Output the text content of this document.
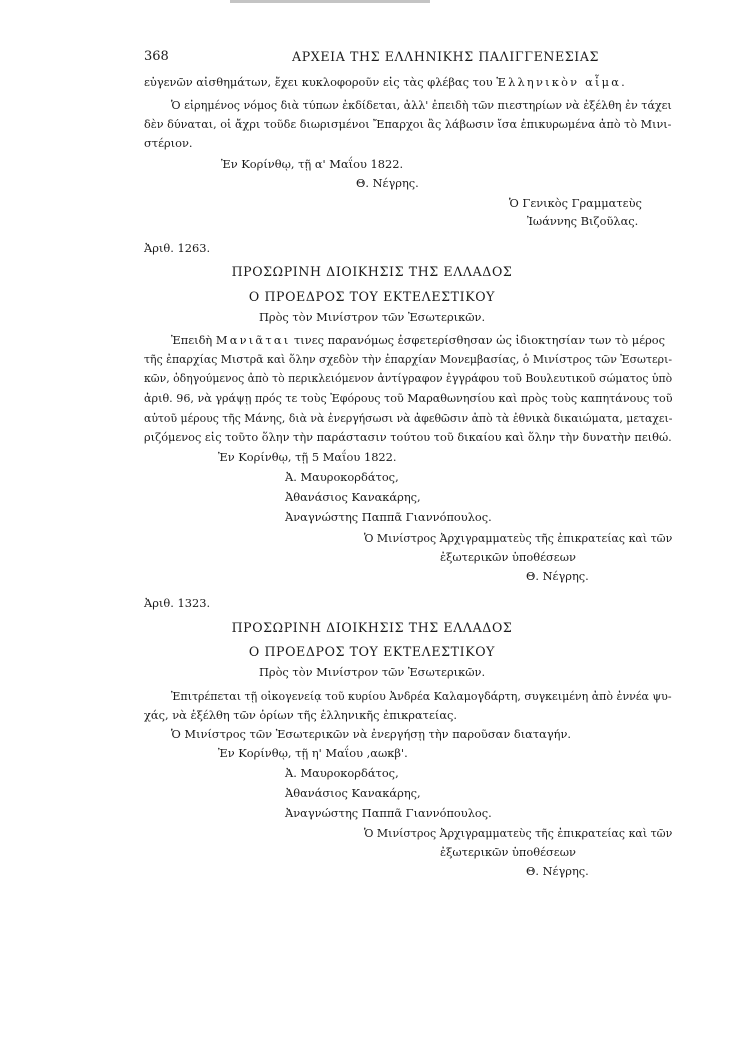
368	ΑΡΧΕΙΑ ΤΗΣ ΕΛΛΗΝΙΚΗΣ ΠΑΛΙΓΓΕΝΕΣΙΑΣ
εὐγενῶν αἰσθημάτων, ἔχει κυκλοφοροῦν εἰς τὰς φλέβας του Ἑλληνικὸν αἷμα.
Ὁ εἰρημένος νόμος διὰ τύπων ἐκδίδεται, ἀλλ' ἐπειδὴ τῶν πιεστηρίων νὰ ἐξέλθη ἐν τάχει
δὲν δύναται, οἱ ἄχρι τοῦδε διωρισμένοι Ἔπαρχοι ἂς λάβωσιν ἴσα ἐπικυρωμένα ἀπὸ τὸ Μινι-
στέριον.
Ἐν Κορίνθῳ, τῇ α' Μαΐου 1822.
Θ. Νέγρης.
Ὁ Γενικὸς Γραμματεὺς
Ἰωάννης Βιζοῦλας.
Ἀριθ. 1263.
ΠΡΟΣΩΡΙΝΗ ΔΙΟΙΚΗΣΙΣ ΤΗΣ ΕΛΛΑΔΟΣ
Ο ΠΡΟΕΔΡΟΣ ΤΟΥ ΕΚΤΕΛΕΣΤΙΚΟΥ
Πρὸς τὸν Μινίστρον τῶν Ἐσωτερικῶν.
Ἐπειδὴ Μανιᾶται τινες παρανόμως ἐσφετερίσθησαν ὡς ἰδιοκτησίαν των τὸ μέρος
τῆς ἐπαρχίας Μιστρᾶ καὶ ὅλην σχεδὸν τὴν ἐπαρχίαν Μονεμβασίας, ὁ Μινίστρος τῶν Ἐσωτερι-
κῶν, ὁδηγούμενος ἀπὸ τὸ περικλειόμενον ἀντίγραφον ἐγγράφου τοῦ Βουλευτικοῦ σώματος ὑπὸ
ἀριθ. 96, νὰ γράψῃ πρός τε τοὺς Ἐφόρους τοῦ Μαραθωνησίου καὶ πρὸς τοὺς καπητάνους τοῦ
αὐτοῦ μέρους τῆς Μάνης, διὰ νὰ ἐνεργήσωσι νὰ ἀφεθῶσιν ἀπὸ τὰ ἐθνικὰ δικαιώματα, μεταχει-
ριζόμενος εἰς τοῦτο ὅλην τὴν παράστασιν τούτου τοῦ δικαίου καὶ ὅλην τὴν δυνατὴν πειθώ.
Ἐν Κορίνθῳ, τῇ 5 Μαΐου 1822.
Ἀ. Μαυροκορδάτος,
Ἀθανάσιος Κανακάρης,
Ἀναγνώστης Παππᾶ Γιαννόπουλος.
Ὁ Μινίστρος Ἀρχιγραμματεὺς τῆς ἐπικρατείας καὶ τῶν
ἐξωτερικῶν ὑποθέσεων
Θ. Νέγρης.
Ἀριθ. 1323.
ΠΡΟΣΩΡΙΝΗ ΔΙΟΙΚΗΣΙΣ ΤΗΣ ΕΛΛΑΔΟΣ
Ο ΠΡΟΕΔΡΟΣ ΤΟΥ ΕΚΤΕΛΕΣΤΙΚΟΥ
Πρὸς τὸν Μινίστρον τῶν Ἐσωτερικῶν.
Ἐπιτρέπεται τῇ οἰκογενείᾳ τοῦ κυρίου Ἀνδρέα Καλαμογδάρτη, συγκειμένη ἀπὸ ἐννέα ψυ-
χάς, νὰ ἐξέλθη τῶν ὁρίων τῆς ἑλληνικῆς ἐπικρατείας.
Ὁ Μινίστρος τῶν Ἐσωτερικῶν νὰ ἐνεργήσῃ τὴν παροῦσαν διαταγήν.
Ἐν Κορίνθῳ, τῇ η' Μαΐου ,αωκβ'.
Ἀ. Μαυροκορδάτος,
Ἀθανάσιος Κανακάρης,
Ἀναγνώστης Παππᾶ Γιαννόπουλος.
Ὁ Μινίστρος Ἀρχιγραμματεὺς τῆς ἐπικρατείας καὶ τῶν
ἐξωτερικῶν ὑποθέσεων
Θ. Νέγρης.
